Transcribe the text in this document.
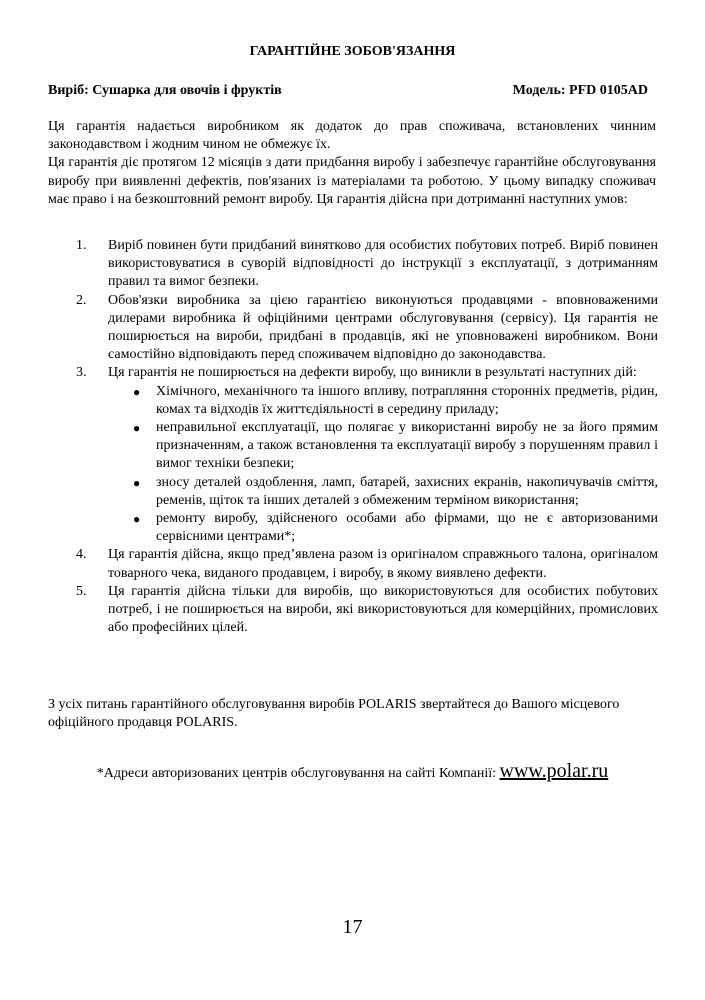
ГАРАНТІЙНЕ ЗОБОВ'ЯЗАННЯ
Виріб: Сушарка для овочів і фруктів	Модель: PFD 0105AD

Ця гарантія надається виробником як додаток до прав споживача, встановлених чинним законодавством і жодним чином не обмежує їх.

Ця гарантія діє протягом 12 місяців з дати придбання виробу і забезпечує гарантійне обслуговування виробу при виявленні дефектів, пов'язаних із матеріалами та роботою. У цьому випадку споживач має право і на безкоштовний ремонт виробу. Ця гарантія дійсна при дотриманні наступних умов:

1. Виріб повинен бути придбаний винятково для особистих побутових потреб. Виріб повинен використовуватися в суворій відповідності до інструкції з експлуатації, з дотриманням правил та вимог безпеки.
2. Обов'язки виробника за цією гарантією виконуються продавцями - вповноваженими дилерами виробника й офіційними центрами обслуговування (сервісу). Ця гарантія не поширюється на вироби, придбані в продавців, які не уповноважені виробником. Вони самостійно відповідають перед споживачем відповідно до законодавства.
3. Ця гарантія не поширюється на дефекти виробу, що виникли в результаті наступних дій:
● Хімічного, механічного та іншого впливу, потрапляння сторонніх предметів, рідин, комах та відходів їх життєдіяльності в середину приладу;
● неправильної експлуатації, що полягає у використанні виробу не за його прямим призначенням, а також встановлення та експлуатації виробу з порушенням правил і вимог техніки безпеки;
● зносу деталей оздоблення, ламп, батарей, захисних екранів, накопичувачів сміття, ременів, щіток та інших деталей з обмеженим терміном використання;
● ремонту виробу, здійсненого особами або фірмами, що не є авторизованими сервісними центрами*;
4. Ця гарантія дійсна, якщо пред’явлена разом із оригіналом справжнього талона, оригіналом товарного чека, виданого продавцем, і виробу, в якому виявлено дефекти.
5. Ця гарантія дійсна тільки для виробів, що використовуються для особистих побутових потреб, і не поширюється на вироби, які використовуються для комерційних, промислових або професійних цілей.
З усіх питань гарантійного обслуговування виробів POLARIS звертайтеся до Вашого місцевого офіційного продавця POLARIS.
*Адреси авторизованих центрів обслуговування на сайті Компанії: www.polar.ru
17
